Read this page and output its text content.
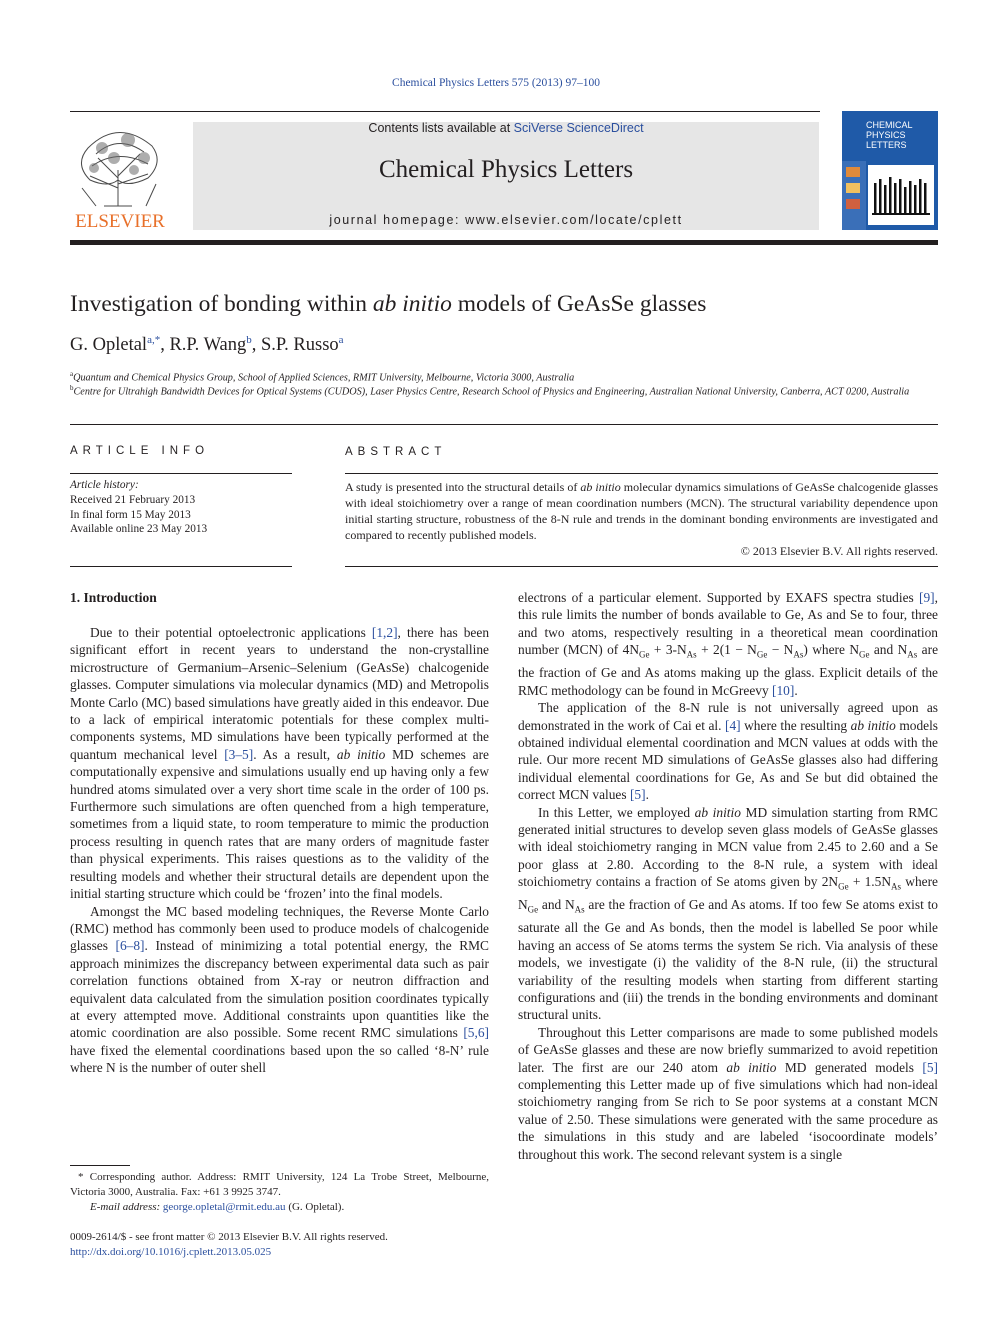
Chemical Physics Letters 575 (2013) 97–100
ELSEVIER
Contents lists available at SciVerse ScienceDirect
Chemical Physics Letters
journal homepage: www.elsevier.com/locate/cplett
CHEMICAL
PHYSICS
LETTERS
Investigation of bonding within ab initio models of GeAsSe glasses
G. Opletal$^{a,*}$, R.P. Wang$^b$, S.P. Russo$^a$
$^a$Quantum and Chemical Physics Group, School of Applied Sciences, RMIT University, Melbourne, Victoria 3000, Australia
$^b$Centre for Ultrahigh Bandwidth Devices for Optical Systems (CUDOS), Laser Physics Centre, Research School of Physics and Engineering, Australian National University, Canberra, ACT 0200, Australia
ARTICLE INFO
Article history:
Received 21 February 2013
In final form 15 May 2013
Available online 23 May 2013
ABSTRACT
A study is presented into the structural details of ab initio molecular dynamics simulations of GeAsSe chalcogenide glasses with ideal stoichiometry over a range of mean coordination numbers (MCN). The structural variability dependence upon initial starting structure, robustness of the 8-N rule and trends in the dominant bonding environments are investigated and compared to recently published models.
© 2013 Elsevier B.V. All rights reserved.
1. Introduction

Due to their potential optoelectronic applications [1,2], there has been significant effort in recent years to understand the non-crystalline microstructure of Germanium–Arsenic–Selenium (GeAsSe) chalcogenide glasses. Computer simulations via molecular dynamics (MD) and Metropolis Monte Carlo (MC) based simulations have greatly aided in this endeavor. Due to a lack of empirical interatomic potentials for these complex multi-components systems, MD simulations have been typically performed at the quantum mechanical level [3–5]. As a result, ab initio MD schemes are computationally expensive and simulations usually end up having only a few hundred atoms simulated over a very short time scale in the order of 100 ps. Furthermore such simulations are often quenched from a high temperature, sometimes from a liquid state, to room temperature to mimic the production process resulting in quench rates that are many orders of magnitude faster than physical experiments. This raises questions as to the validity of the resulting models and whether their structural details are dependent upon the initial starting structure which could be ‘frozen’ into the final models.

Amongst the MC based modeling techniques, the Reverse Monte Carlo (RMC) method has commonly been used to produce models of chalcogenide glasses [6–8]. Instead of minimizing a total potential energy, the RMC approach minimizes the discrepancy between experimental data such as pair correlation functions obtained from X-ray or neutron diffraction and equivalent data calculated from the simulation position coordinates typically at every attempted move. Additional constraints upon quantities like the atomic coordination are also possible. Some recent RMC simulations [5,6] have fixed the elemental coordinations based upon the so called ‘8-N’ rule where N is the number of outer shell

electrons of a particular element. Supported by EXAFS spectra studies [9], this rule limits the number of bonds available to Ge, As and Se to four, three and two atoms, respectively resulting in a theoretical mean coordination number (MCN) of $4N_{Ge} + 3-N_{As} + 2(1 - N_{Ge} - N_{As})$ where $N_{Ge}$ and $N_{As}$ are the fraction of Ge and As atoms making up the glass. Explicit details of the RMC methodology can be found in McGreevy [10].

The application of the 8-N rule is not universally agreed upon as demonstrated in the work of Cai et al. [4] where the resulting ab initio models obtained individual elemental coordination and MCN values at odds with the rule. Our more recent MD simulations of GeAsSe glasses also had differing individual elemental coordinations for Ge, As and Se but did obtained the correct MCN values [5].

In this Letter, we employed ab initio MD simulation starting from RMC generated initial structures to develop seven glass models of GeAsSe glasses with ideal stoichiometry ranging in MCN value from 2.45 to 2.60 and a Se poor glass at 2.80. According to the 8-N rule, a system with ideal stoichiometry contains a fraction of Se atoms given by $2N_{Ge} + 1.5N_{As}$ where $N_{Ge}$ and $N_{As}$ are the fraction of Ge and As atoms. If too few Se atoms exist to saturate all the Ge and As bonds, then the model is labelled Se poor while having an access of Se atoms terms the system Se rich. Via analysis of these models, we investigate (i) the validity of the 8-N rule, (ii) the structural variability of the resulting models when starting from different starting configurations and (iii) the trends in the bonding environments and dominant structural units.

Throughout this Letter comparisons are made to some published models of GeAsSe glasses and these are now briefly summarized to avoid repetition later. The first are our 240 atom ab initio MD generated models [5] complementing this Letter made up of five simulations which had non-ideal stoichiometry ranging from Se rich to Se poor systems at a constant MCN value of 2.50. These simulations were generated with the same procedure as the simulations in this study and are labeled ‘isocoordinate models’ throughout this work. The second relevant system is a single

* Corresponding author. Address: RMIT University, 124 La Trobe Street, Melbourne, Victoria 3000, Australia. Fax: +61 3 9925 3747.
E-mail address: george.opletal@rmit.edu.au (G. Opletal).
0009-2614/$ - see front matter © 2013 Elsevier B.V. All rights reserved.
http://dx.doi.org/10.1016/j.cplett.2013.05.025
